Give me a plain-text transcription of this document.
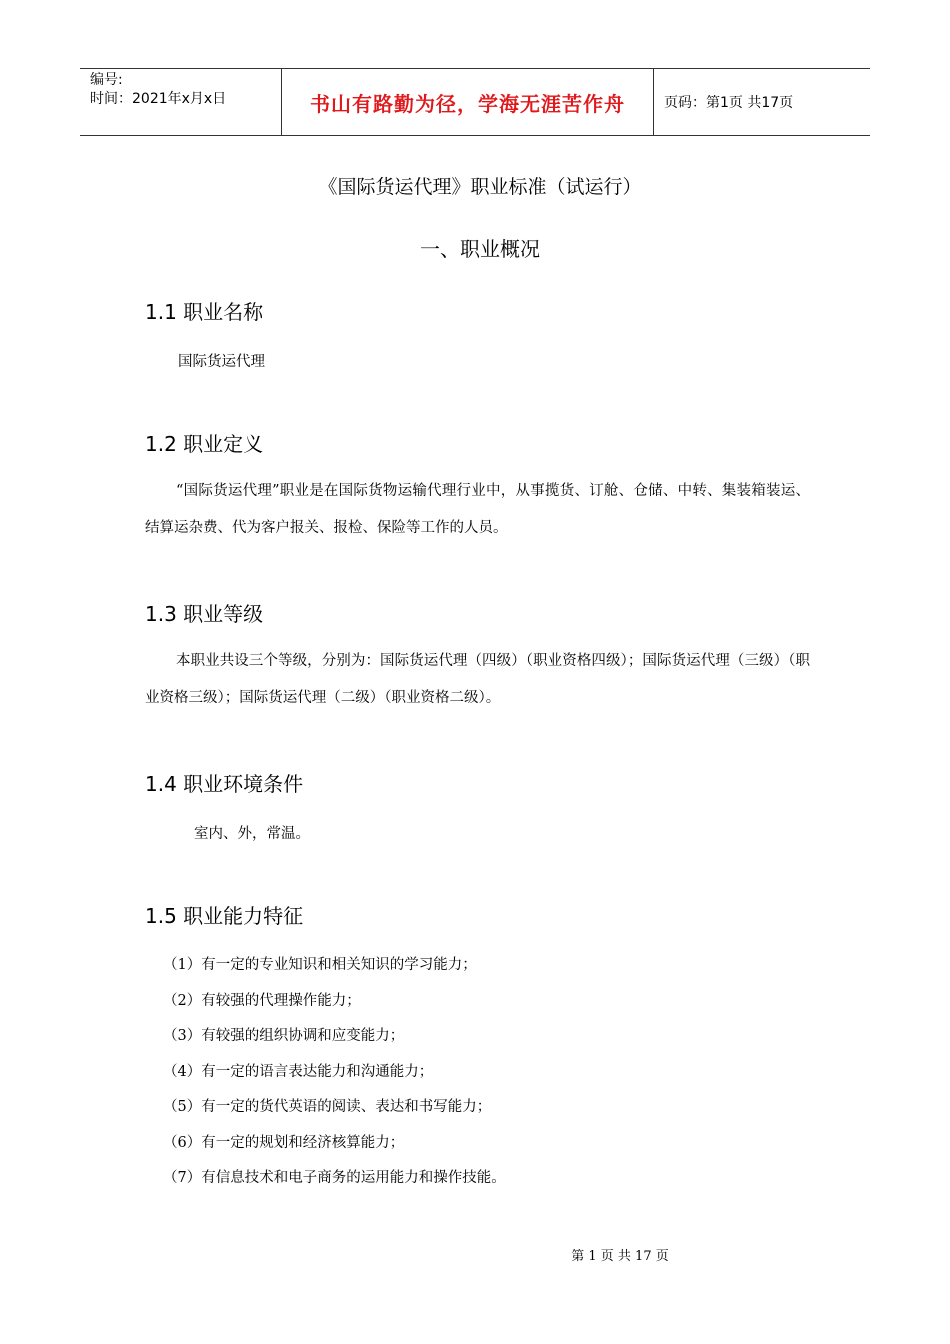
编号:
时间：2021年x月x日	书山有路勤为径，学海无涯苦作舟	页码：第1页 共17页
《国际货运代理》职业标准（试运行）
一、职业概况
1.1 职业名称
国际货运代理
1.2 职业定义
“国际货运代理”职业是在国际货物运输代理行业中，从事揽货、订舱、仓储、中转、集装箱装运、结算运杂费、代为客户报关、报检、保险等工作的人员。
1.3 职业等级
本职业共设三个等级，分别为：国际货运代理（四级）（职业资格四级）；国际货运代理（三级）（职业资格三级）；国际货运代理（二级）（职业资格二级）。
1.4 职业环境条件
室内、外，常温。
1.5 职业能力特征
（1）有一定的专业知识和相关知识的学习能力；
（2）有较强的代理操作能力；
（3）有较强的组织协调和应变能力；
（4）有一定的语言表达能力和沟通能力；
（5）有一定的货代英语的阅读、表达和书写能力；
（6）有一定的规划和经济核算能力；
（7）有信息技术和电子商务的运用能力和操作技能。
第 1 页 共 17 页
